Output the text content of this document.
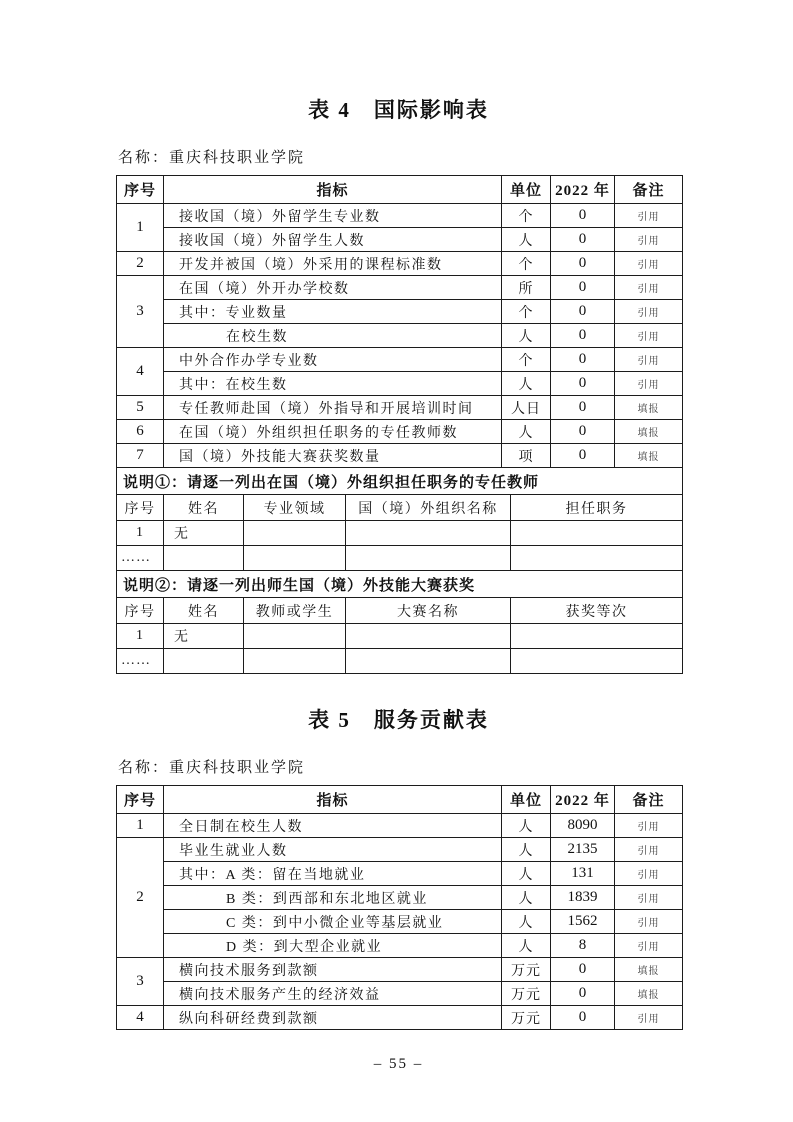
表 4　国际影响表
名称：重庆科技职业学院
序号	指标	单位	2022 年	备注
1	接收国（境）外留学生专业数	个	0	引用
	接收国（境）外留学生人数	人	0	引用
2	开发并被国（境）外采用的课程标准数	个	0	引用
3	在国（境）外开办学校数	所	0	引用
	其中：专业数量	个	0	引用
	在校生数	人	0	引用
4	中外合作办学专业数	个	0	引用
	其中：在校生数	人	0	引用
5	专任教师赴国（境）外指导和开展培训时间	人日	0	填报
6	在国（境）外组织担任职务的专任教师数	人	0	填报
7	国（境）外技能大赛获奖数量	项	0	填报
说明①：请逐一列出在国（境）外组织担任职务的专任教师				
序号	姓名	专业领域	国（境）外组织名称	担任职务
1	无			
……				
说明②：请逐一列出师生国（境）外技能大赛获奖				
序号	姓名	教师或学生	大赛名称	获奖等次
1	无			
……				
表 5　服务贡献表
名称：重庆科技职业学院
序号	指标	单位	2022 年	备注
1	全日制在校生人数	人	8090	引用
2	毕业生就业人数	人	2135	引用
	其中：A 类：留在当地就业	人	131	引用
	B 类：到西部和东北地区就业	人	1839	引用
	C 类：到中小微企业等基层就业	人	1562	引用
	D 类：到大型企业就业	人	8	引用
3	横向技术服务到款额	万元	0	填报
	横向技术服务产生的经济效益	万元	0	填报
4	纵向科研经费到款额	万元	0	引用
– 55 –
